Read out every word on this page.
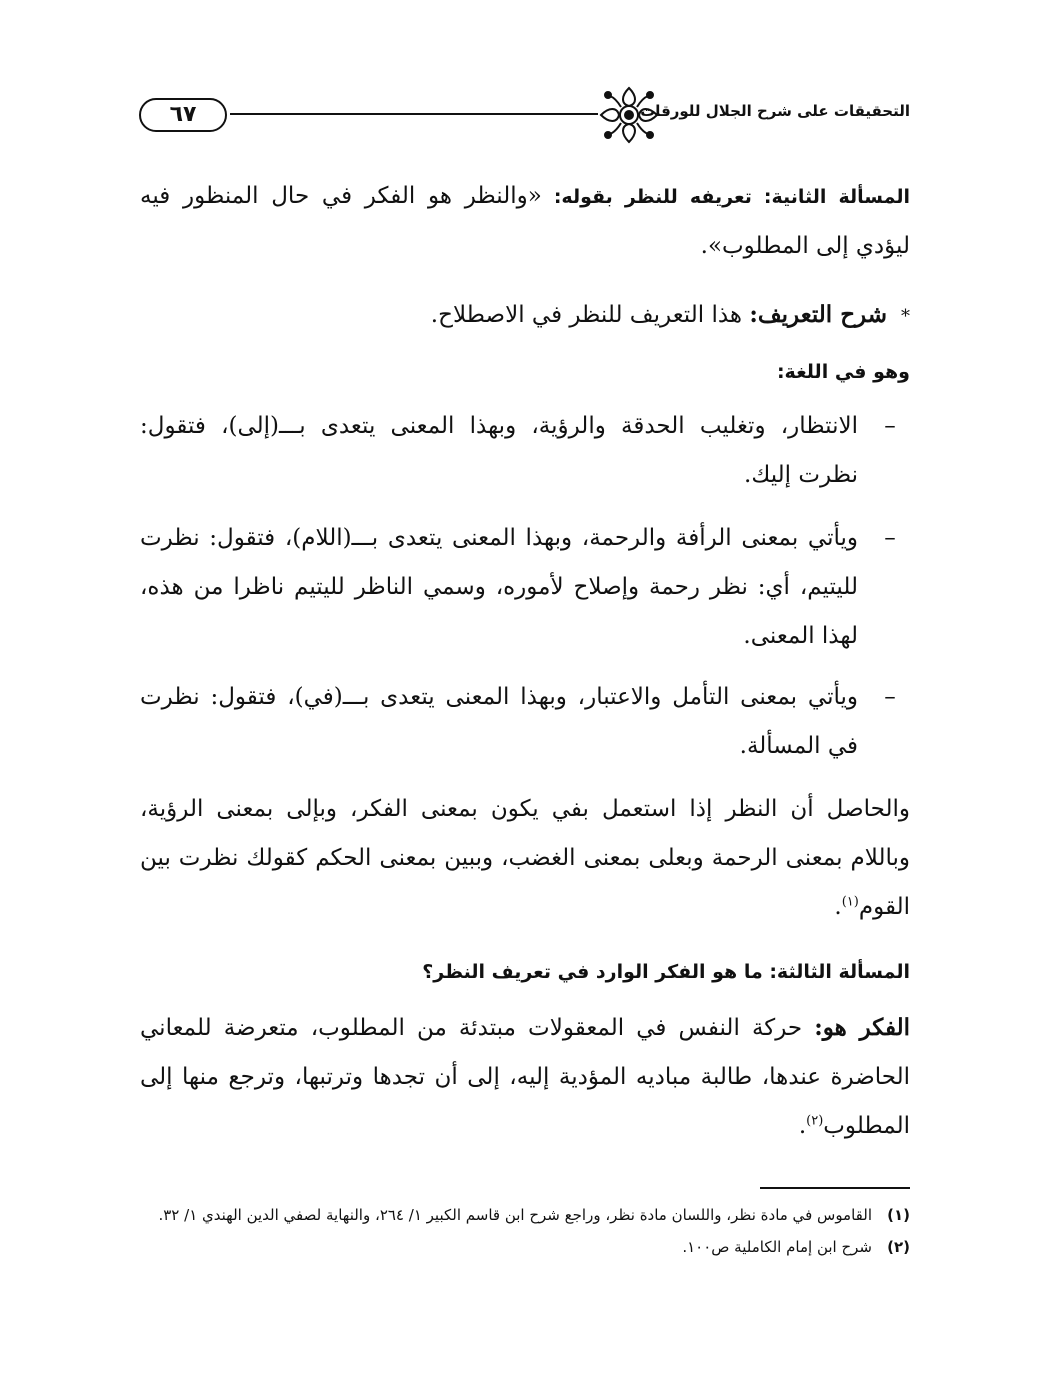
التحقيقات على شرح الجلال للورقات
٦٧

المسألة الثانية: تعريفه للنظر بقوله: «والنظر هو الفكر في حال المنظور فيه ليؤدي إلى المطلوب».

*شرح التعريف: هذا التعريف للنظر في الاصطلاح.

وهو في اللغة:

–
الانتظار، وتغليب الحدقة والرؤية، وبهذا المعنى يتعدى بـــ(إلى)، فتقول: نظرت إليك.
–
ويأتي بمعنى الرأفة والرحمة، وبهذا المعنى يتعدى بـــ(اللام)، فتقول: نظرت لليتيم، أي: نظر رحمة وإصلاح لأموره، وسمي الناظر لليتيم ناظرا من هذه، لهذا المعنى.
–
ويأتي بمعنى التأمل والاعتبار، وبهذا المعنى يتعدى بـــ(في)، فتقول: نظرت في المسألة.

والحاصل أن النظر إذا استعمل بفي يكون بمعنى الفكر، وبإلى بمعنى الرؤية، وباللام بمعنى الرحمة وبعلى بمعنى الغضب، وببين بمعنى الحكم كقولك نظرت بين القوم$^{(١)}$.

المسألة الثالثة: ما هو الفكر الوارد في تعريف النظر؟

الفكر هو: حركة النفس في المعقولات مبتدئة من المطلوب، متعرضة للمعاني الحاضرة عندها، طالبة مباديه المؤدية إليه، إلى أن تجدها وترتبها، وترجع منها إلى المطلوب$^{(٢)}$.

(١)
القاموس في مادة نظر، واللسان مادة نظر، وراجع شرح ابن قاسم الكبير ١/ ٢٦٤، والنهاية لصفي الدين الهندي ١/ ٣٢.
(٢)
شرح ابن إمام الكاملية ص١٠٠.
